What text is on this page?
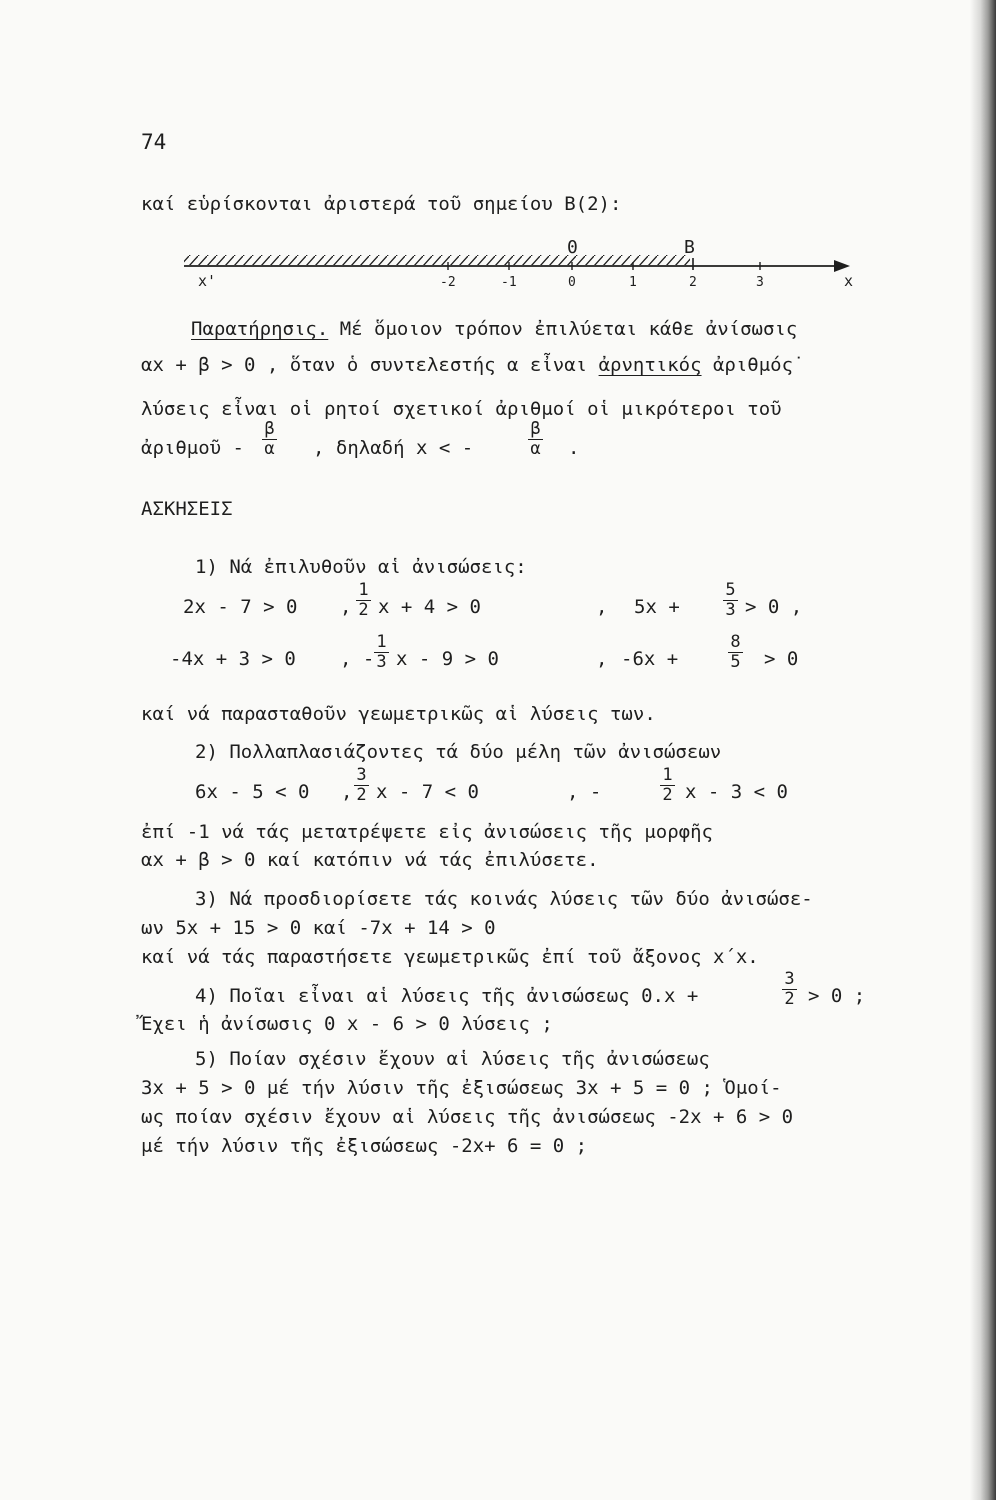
74
καί εὑρίσκονται ἀριστερά τοῦ σημείου B(2):
0	B
x'	x
-2	-1	0	1	2	3
Παρατήρησις. Μέ ὅμοιον τρόπον ἐπιλύεται κάθε ἀνίσωσις
αx + β > 0 , ὅταν ὁ συντελεστής α εἶναι ἀρνητικός ἀριθμός˙
λύσεις εἶναι οἱ ρητοί σχετικοί ἀριθμοί οἱ μικρότεροι τοῦ
ἀριθμοῦ -
β
α , δηλαδή x < -
β
α .
ΑΣΚΗΣΕΙΣ
1) Νά ἐπιλυθοῦν αἱ ἀνισώσεις:
2x - 7 > 0 ,
1
2 x + 4 > 0	, 5x +
5
3 > 0 ,
-4x + 3 > 0 , -
1
3 x - 9 > 0	, -6x +
8
5 > 0
καί νά παρασταθοῦν γεωμετρικῶς αἱ λύσεις των.
2) Πολλαπλασιάζοντες τά δύο μέλη τῶν ἀνισώσεων
6x - 5 < 0 ,
3
2 x - 7 < 0	, -
1
2 x - 3 < 0
ἐπί -1 νά τάς μετατρέψετε εἰς ἀνισώσεις τῆς μορφῆς
αx + β > 0 καί κατόπιν νά τάς ἐπιλύσετε.
3) Νά προσδιορίσετε τάς κοινάς λύσεις τῶν δύο ἀνισώσε-
ων 5x + 15 > 0 καί -7x + 14 > 0
καί νά τάς παραστήσετε γεωμετρικῶς ἐπί τοῦ ἄξονος x΄x.
4) Ποῖαι εἶναι αἱ λύσεις τῆς ἀνισώσεως 0.x +
3
2 > 0 ;
Ἔχει ἡ ἀνίσωσις 0 x - 6 > 0 λύσεις ;
5) Ποίαν σχέσιν ἔχουν αἱ λύσεις τῆς ἀνισώσεως
3x + 5 > 0 μέ τήν λύσιν τῆς ἐξισώσεως 3x + 5 = 0 ; Ὁμοί-
ως ποίαν σχέσιν ἔχουν αἱ λύσεις τῆς ἀνισώσεως -2x + 6 > 0
μέ τήν λύσιν τῆς ἐξισώσεως -2x+ 6 = 0 ;
